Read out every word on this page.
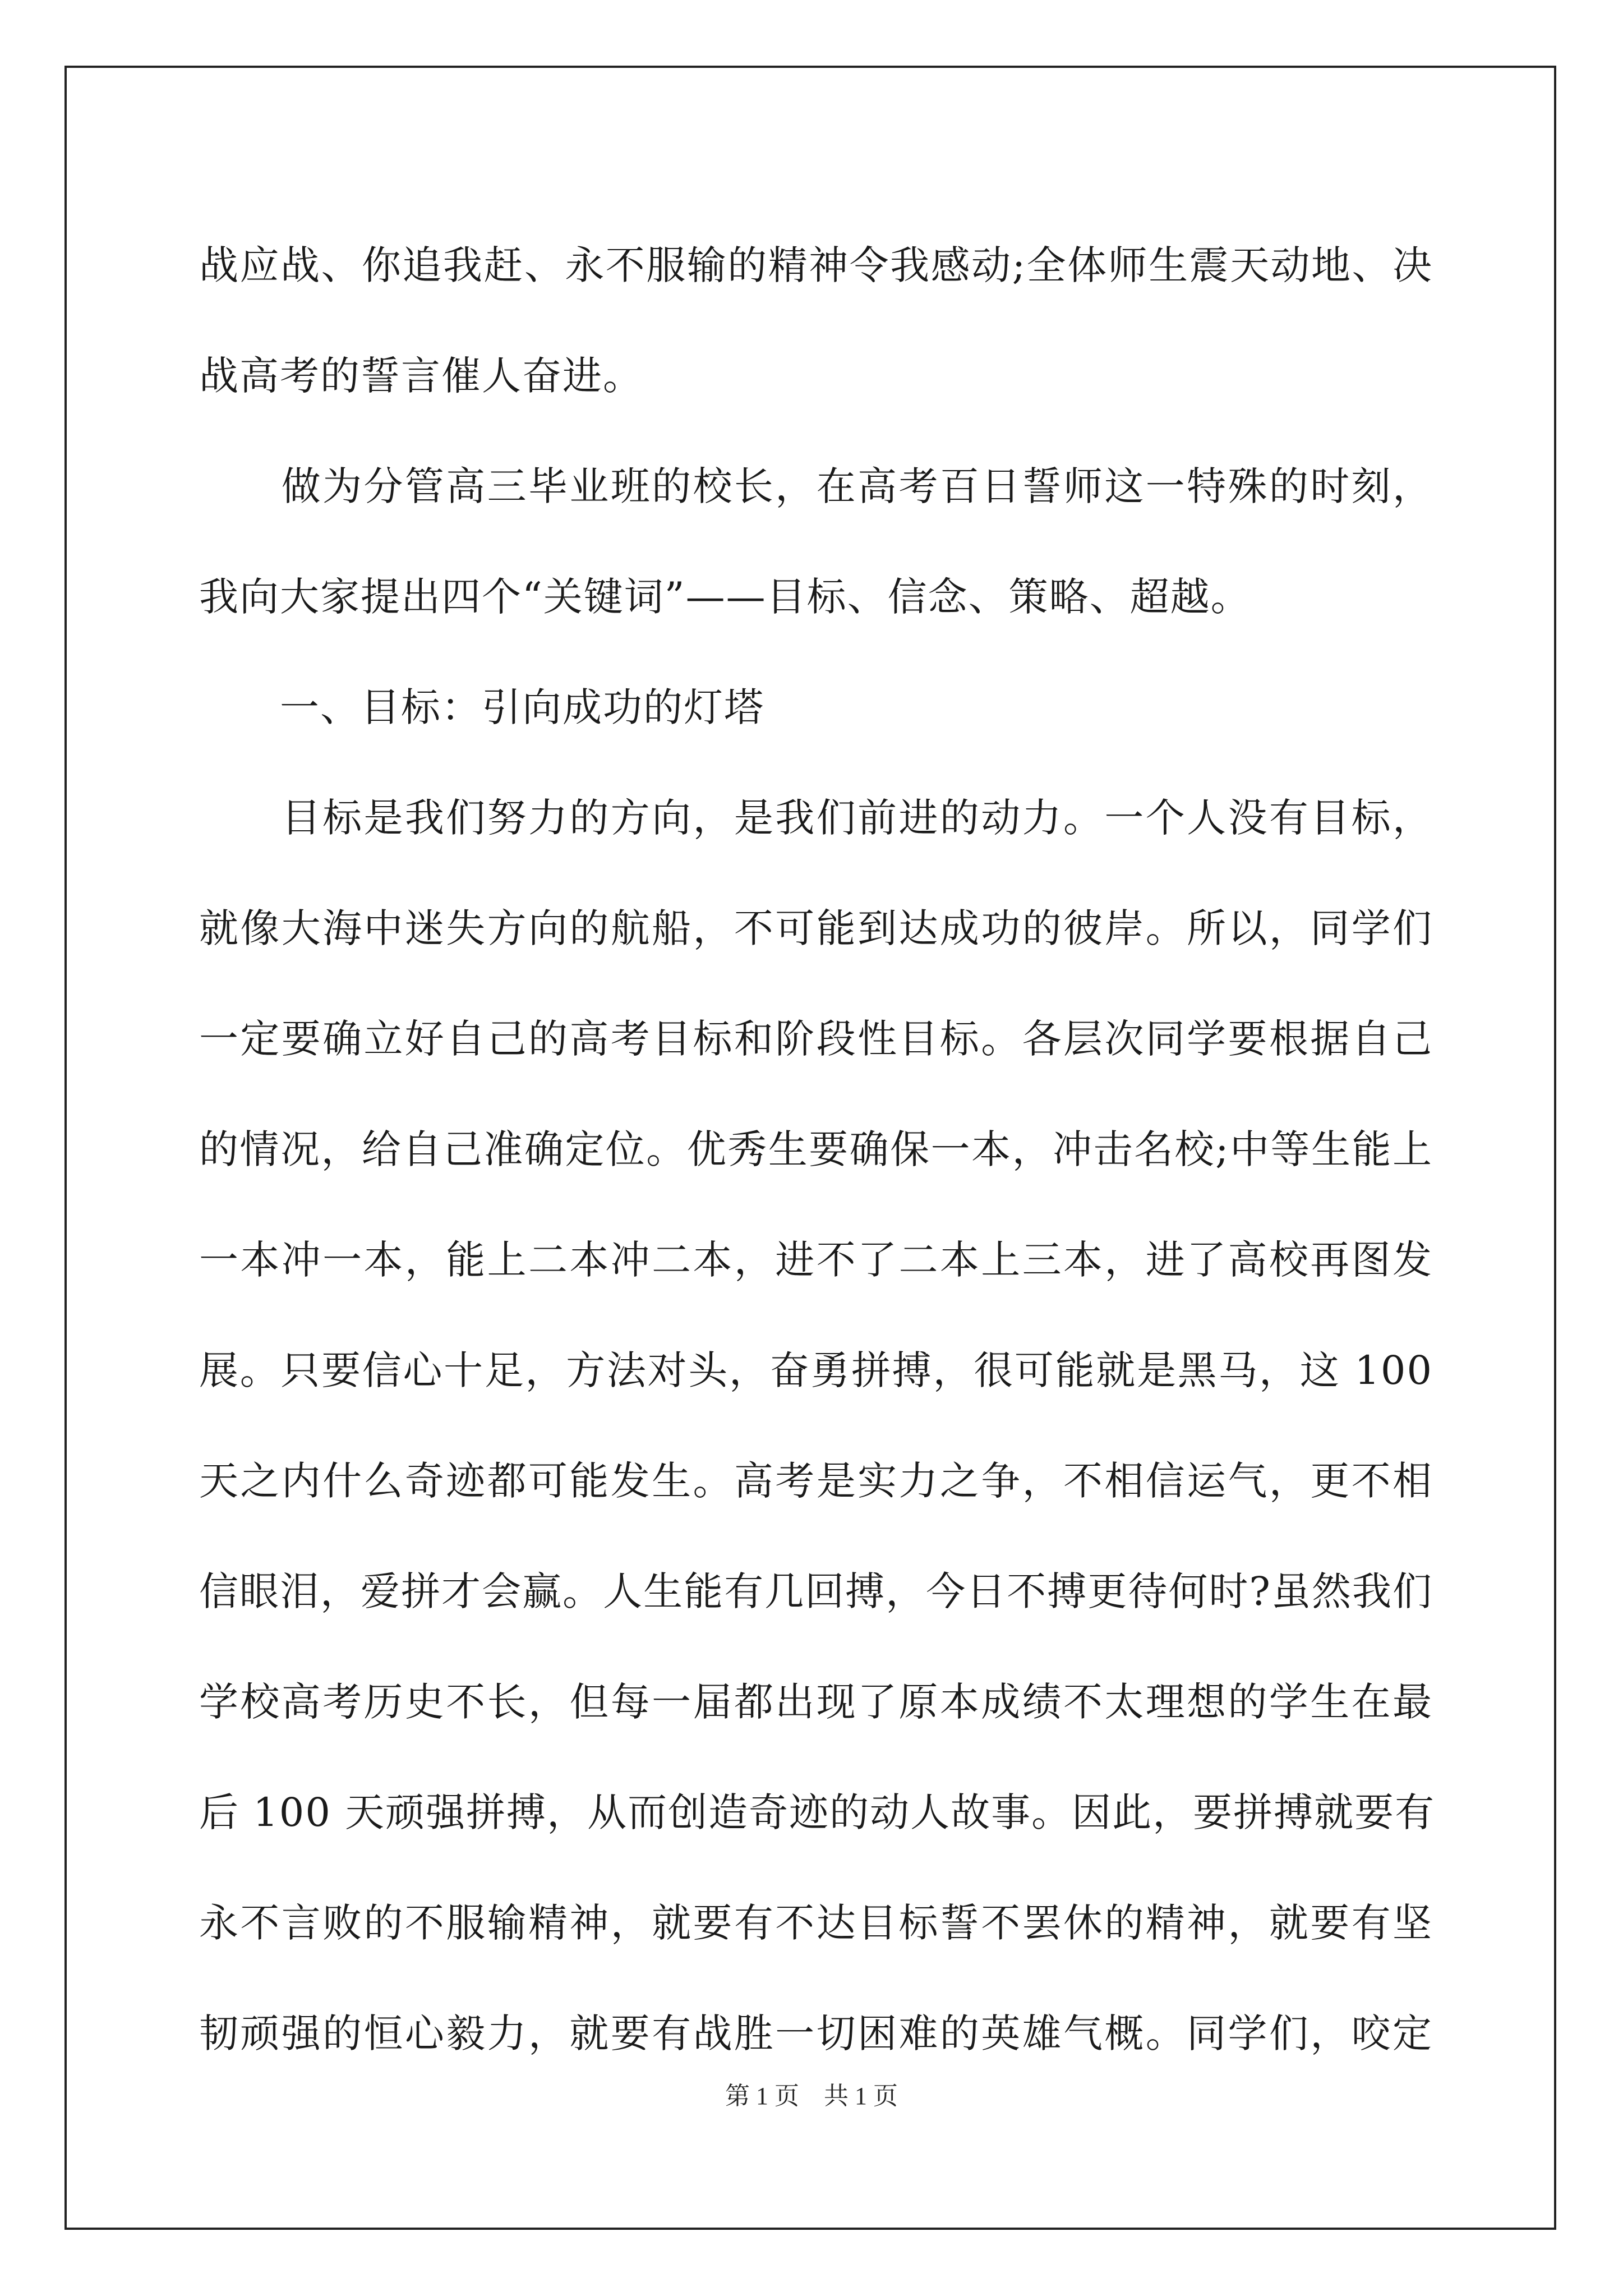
战应战、你追我赶、永不服输的精神令我感动;全体师生震天动地、决
战高考的誓言催人奋进。
　　做为分管高三毕业班的校长，在高考百日誓师这一特殊的时刻，
我向大家提出四个“关键词”——目标、信念、策略、超越。
　　一、目标：引向成功的灯塔
　　目标是我们努力的方向，是我们前进的动力。一个人没有目标，
就像大海中迷失方向的航船，不可能到达成功的彼岸。所以，同学们
一定要确立好自己的高考目标和阶段性目标。各层次同学要根据自己
的情况，给自己准确定位。优秀生要确保一本，冲击名校;中等生能上
一本冲一本，能上二本冲二本，进不了二本上三本，进了高校再图发
展。只要信心十足，方法对头，奋勇拼搏，很可能就是黑马，这 100
天之内什么奇迹都可能发生。高考是实力之争，不相信运气，更不相
信眼泪，爱拼才会赢。人生能有几回搏，今日不搏更待何时?虽然我们
学校高考历史不长，但每一届都出现了原本成绩不太理想的学生在最
后 100 天顽强拼搏，从而创造奇迹的动人故事。因此，要拼搏就要有
永不言败的不服输精神，就要有不达目标誓不罢休的精神，就要有坚
韧顽强的恒心毅力，就要有战胜一切困难的英雄气概。同学们，咬定
第 1 页　共 1 页
